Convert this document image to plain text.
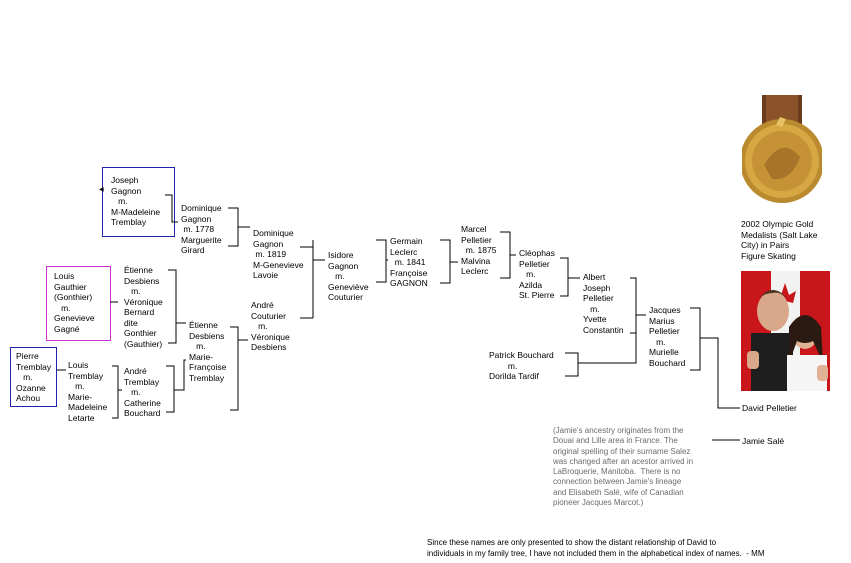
◀
Joseph
Gagnon
m.
M-Madeleine
Tremblay
Dominique
Gagnon
m. 1778
Marguerite
Girard
Dominique
Gagnon
m. 1819
M-Genevieve
Lavoie
Isidore
Gagnon
m.
Geneviève
Couturier
Germain
Leclerc
m. 1841
Françoise
GAGNON
Marcel
Pelletier
m. 1875
Malvina
Leclerc
Cléophas
Pelletier
m.
Azilda
St. Pierre
Albert
Joseph
Pelletier
m.
Yvette
Constantin
Jacques
Marius
Pelletier
m.
Murielle
Bouchard
Louis
Gauthier
(Gonthier)
m.
Genevieve
Gagné
Étienne
Desbiens
m.
Véronique
Bernard
dite
Gonthier
(Gauthier)
Étienne
Desbiens
m.
Marie-
Françoise
Tremblay
André
Couturier
m.
Véronique
Desbiens
Pierre
Tremblay
m.
Ozanne
Achou
Louis
Tremblay
m.
Marie-
Madeleine
Letarte
André
Tremblay
m.
Catherine
Bouchard
Patrick Bouchard
m.
Dorilda Tardif
David Pelletier
Jamie Salé
(Jamie's ancestry originates from the
Douai and Lille area in France. The
original spelling of their surname Salez
was changed after an acestor arrived in
LaBroquerie, Manitoba.  There is no
connection between Jamie's lineage
and Elisabeth Salé, wife of Canadian
pioneer Jacques Marcot.)
2002 Olympic Gold
Medalists (Salt Lake
City) in Pairs
Figure Skating
Since these names are only presented to show the distant relationship of David to
individuals in my family tree, I have not included them in the alphabetical index of names.  - MM
